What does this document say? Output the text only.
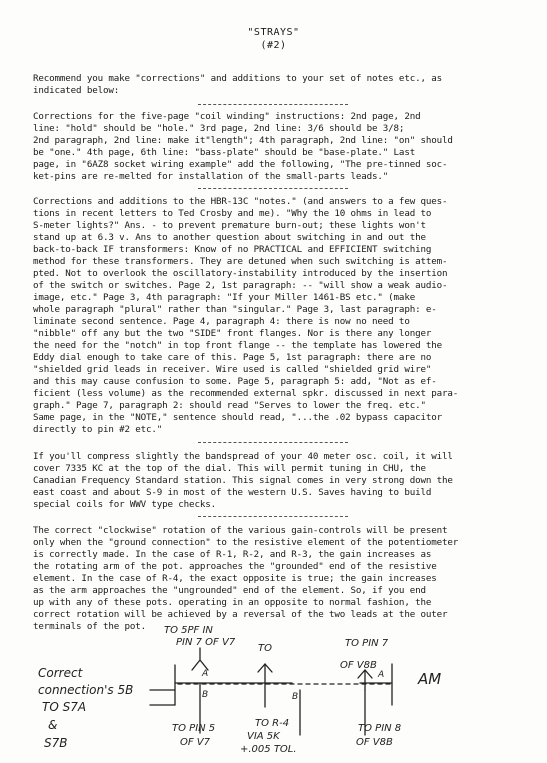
"STRAYS"
(#2)
Recommend you make "corrections" and additions to your set of notes etc., as
indicated below:
Corrections for the five-page "coil winding" instructions: 2nd page, 2nd
line: "hold" should be "hole." 3rd page, 2nd line: 3/6 should be 3/8;
2nd paragraph, 2nd line: make it"length"; 4th paragraph, 2nd line: "on" should
be "one." 4th page, 6th line: "bass-plate" should be "base-plate." Last
page, in "6AZ8 socket wiring example" add the following, "The pre-tinned soc-
ket-pins are re-melted for installation of the small-parts leads."
Corrections and additions to the HBR-13C "notes." (and answers to a few ques-
tions in recent letters to Ted Crosby and me). "Why the 10 ohms in lead to
S-meter lights?" Ans. - to prevent premature burn-out; these lights won't
stand up at 6.3 v. Ans to another question about switching in and out the
back-to-back IF transformers: Know of no PRACTICAL and EFFICIENT switching
method for these transformers. They are detuned when such switching is attem-
pted. Not to overlook the oscillatory-instability introduced by the insertion
of the switch or switches. Page 2, 1st paragraph: -- "will show a weak audio-
image, etc." Page 3, 4th paragraph: "If your Miller 1461-BS etc." (make
whole paragraph "plural" rather than "singular." Page 3, last paragraph: e-
liminate second sentence. Page 4, paragraph 4: there is now no need to
"nibble" off any but the two "SIDE" front flanges. Nor is there any longer
the need for the "notch" in top front flange -- the template has lowered the
Eddy dial enough to take care of this. Page 5, 1st paragraph: there are no
"shielded grid leads in receiver. Wire used is called "shielded grid wire"
and this may cause confusion to some. Page 5, paragraph 5: add, "Not as ef-
ficient (less volume) as the recommended external spkr. discussed in next para-
graph." Page 7, paragraph 2: should read "Serves to lower the freq. etc."
Same page, in the "NOTE," sentence should read, "...the .02 bypass capacitor
directly to pin #2 etc."
If you'll compress slightly the bandspread of your 40 meter osc. coil, it will
cover 7335 KC at the top of the dial. This will permit tuning in CHU, the
Canadian Frequency Standard station. This signal comes in very strong down the
east coast and about S-9 in most of the western U.S. Saves having to build
special coils for WWV type checks.
The correct "clockwise" rotation of the various gain-controls will be present
only when the "ground connection" to the resistive element of the potentiometer
is correctly made. In the case of R-1, R-2, and R-3, the gain increases as
the rotating arm of the pot. approaches the "grounded" end of the resistive
element. In the case of R-4, the exact opposite is true; the gain increases
as the arm approaches the "ungrounded" end of the element. So, if you end
up with any of these pots. operating in an opposite to normal fashion, the
correct rotation will be achieved by a reversal of the two leads at the outer
terminals of the pot.	TO 5PF IN
PIN 7 OF V7
TO	TO PIN 7
OF V8B
Correct
connection's 5B
TO S7A
&
S7B
A
B
A
B
AM
TO PIN 5
OF V7
TO R-4
VIA 5K
+.005 TOL.
TO PIN 8
OF V8B
